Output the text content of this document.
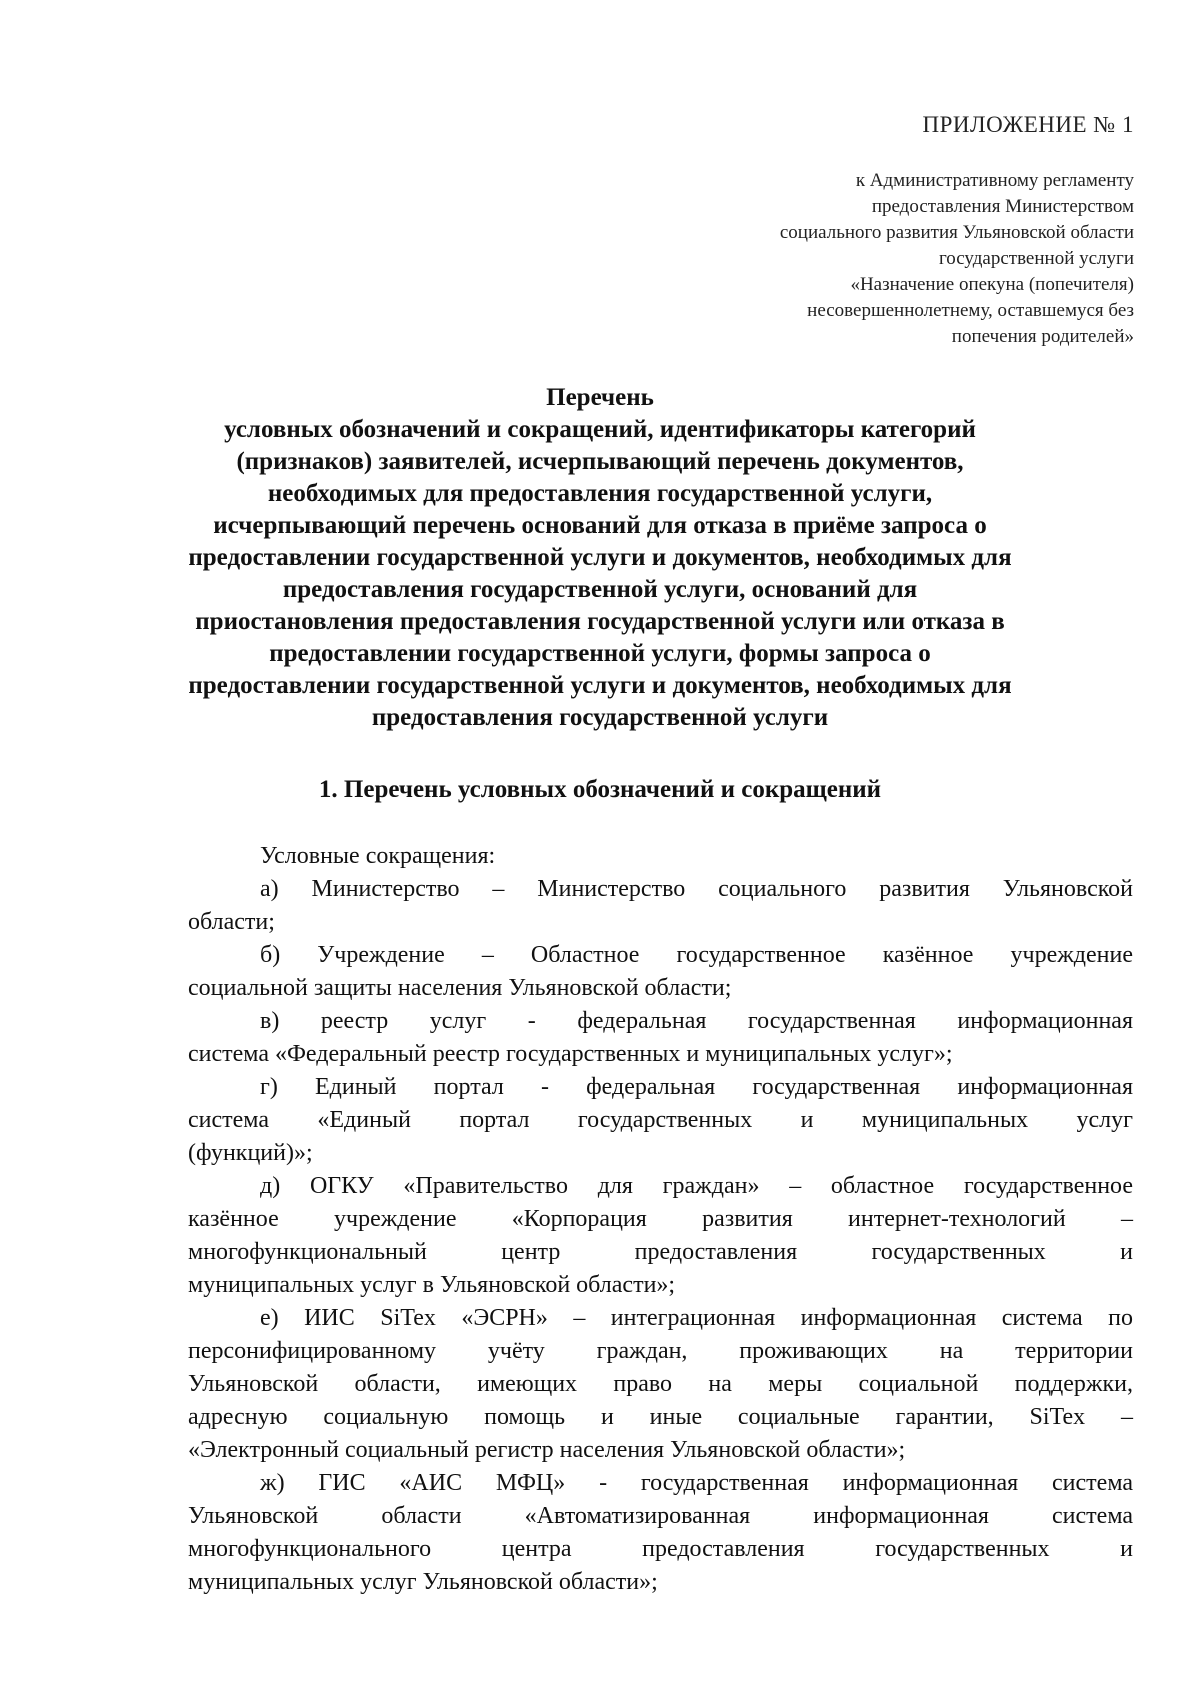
ПРИЛОЖЕНИЕ № 1
к Административному регламенту
предоставления Министерством
социального развития Ульяновской области
государственной услуги
«Назначение опекуна (попечителя)
несовершеннолетнему, оставшемуся без
попечения родителей»
Перечень
условных обозначений и сокращений, идентификаторы категорий
(признаков) заявителей, исчерпывающий перечень документов,
необходимых для предоставления государственной услуги,
исчерпывающий перечень оснований для отказа в приёме запроса о
предоставлении государственной услуги и документов, необходимых для
предоставления государственной услуги, оснований для
приостановления предоставления государственной услуги или отказа в
предоставлении государственной услуги, формы запроса о
предоставлении государственной услуги и документов, необходимых для
предоставления государственной услуги
1. Перечень условных обозначений и сокращений
Условные сокращения:
а) Министерство – Министерство социального развития Ульяновской
области;
б) Учреждение – Областное государственное казённое учреждение
социальной защиты населения Ульяновской области;
в) реестр услуг - федеральная государственная информационная
система «Федеральный реестр государственных и муниципальных услуг»;
г) Единый портал - федеральная государственная информационная
система «Единый портал государственных и муниципальных услуг
(функций)»;
д) ОГКУ «Правительство для граждан» – областное государственное
казённое учреждение «Корпорация развития интернет-технологий –
многофункциональный центр предоставления государственных и
муниципальных услуг в Ульяновской области»;
е) ИИС SiTex «ЭСРН» – интеграционная информационная система по
персонифицированному учёту граждан, проживающих на территории
Ульяновской области, имеющих право на меры социальной поддержки,
адресную социальную помощь и иные социальные гарантии, SiTex –
«Электронный социальный регистр населения Ульяновской области»;
ж) ГИС «АИС МФЦ» - государственная информационная система
Ульяновской области «Автоматизированная информационная система
многофункционального центра предоставления государственных и
муниципальных услуг Ульяновской области»;
